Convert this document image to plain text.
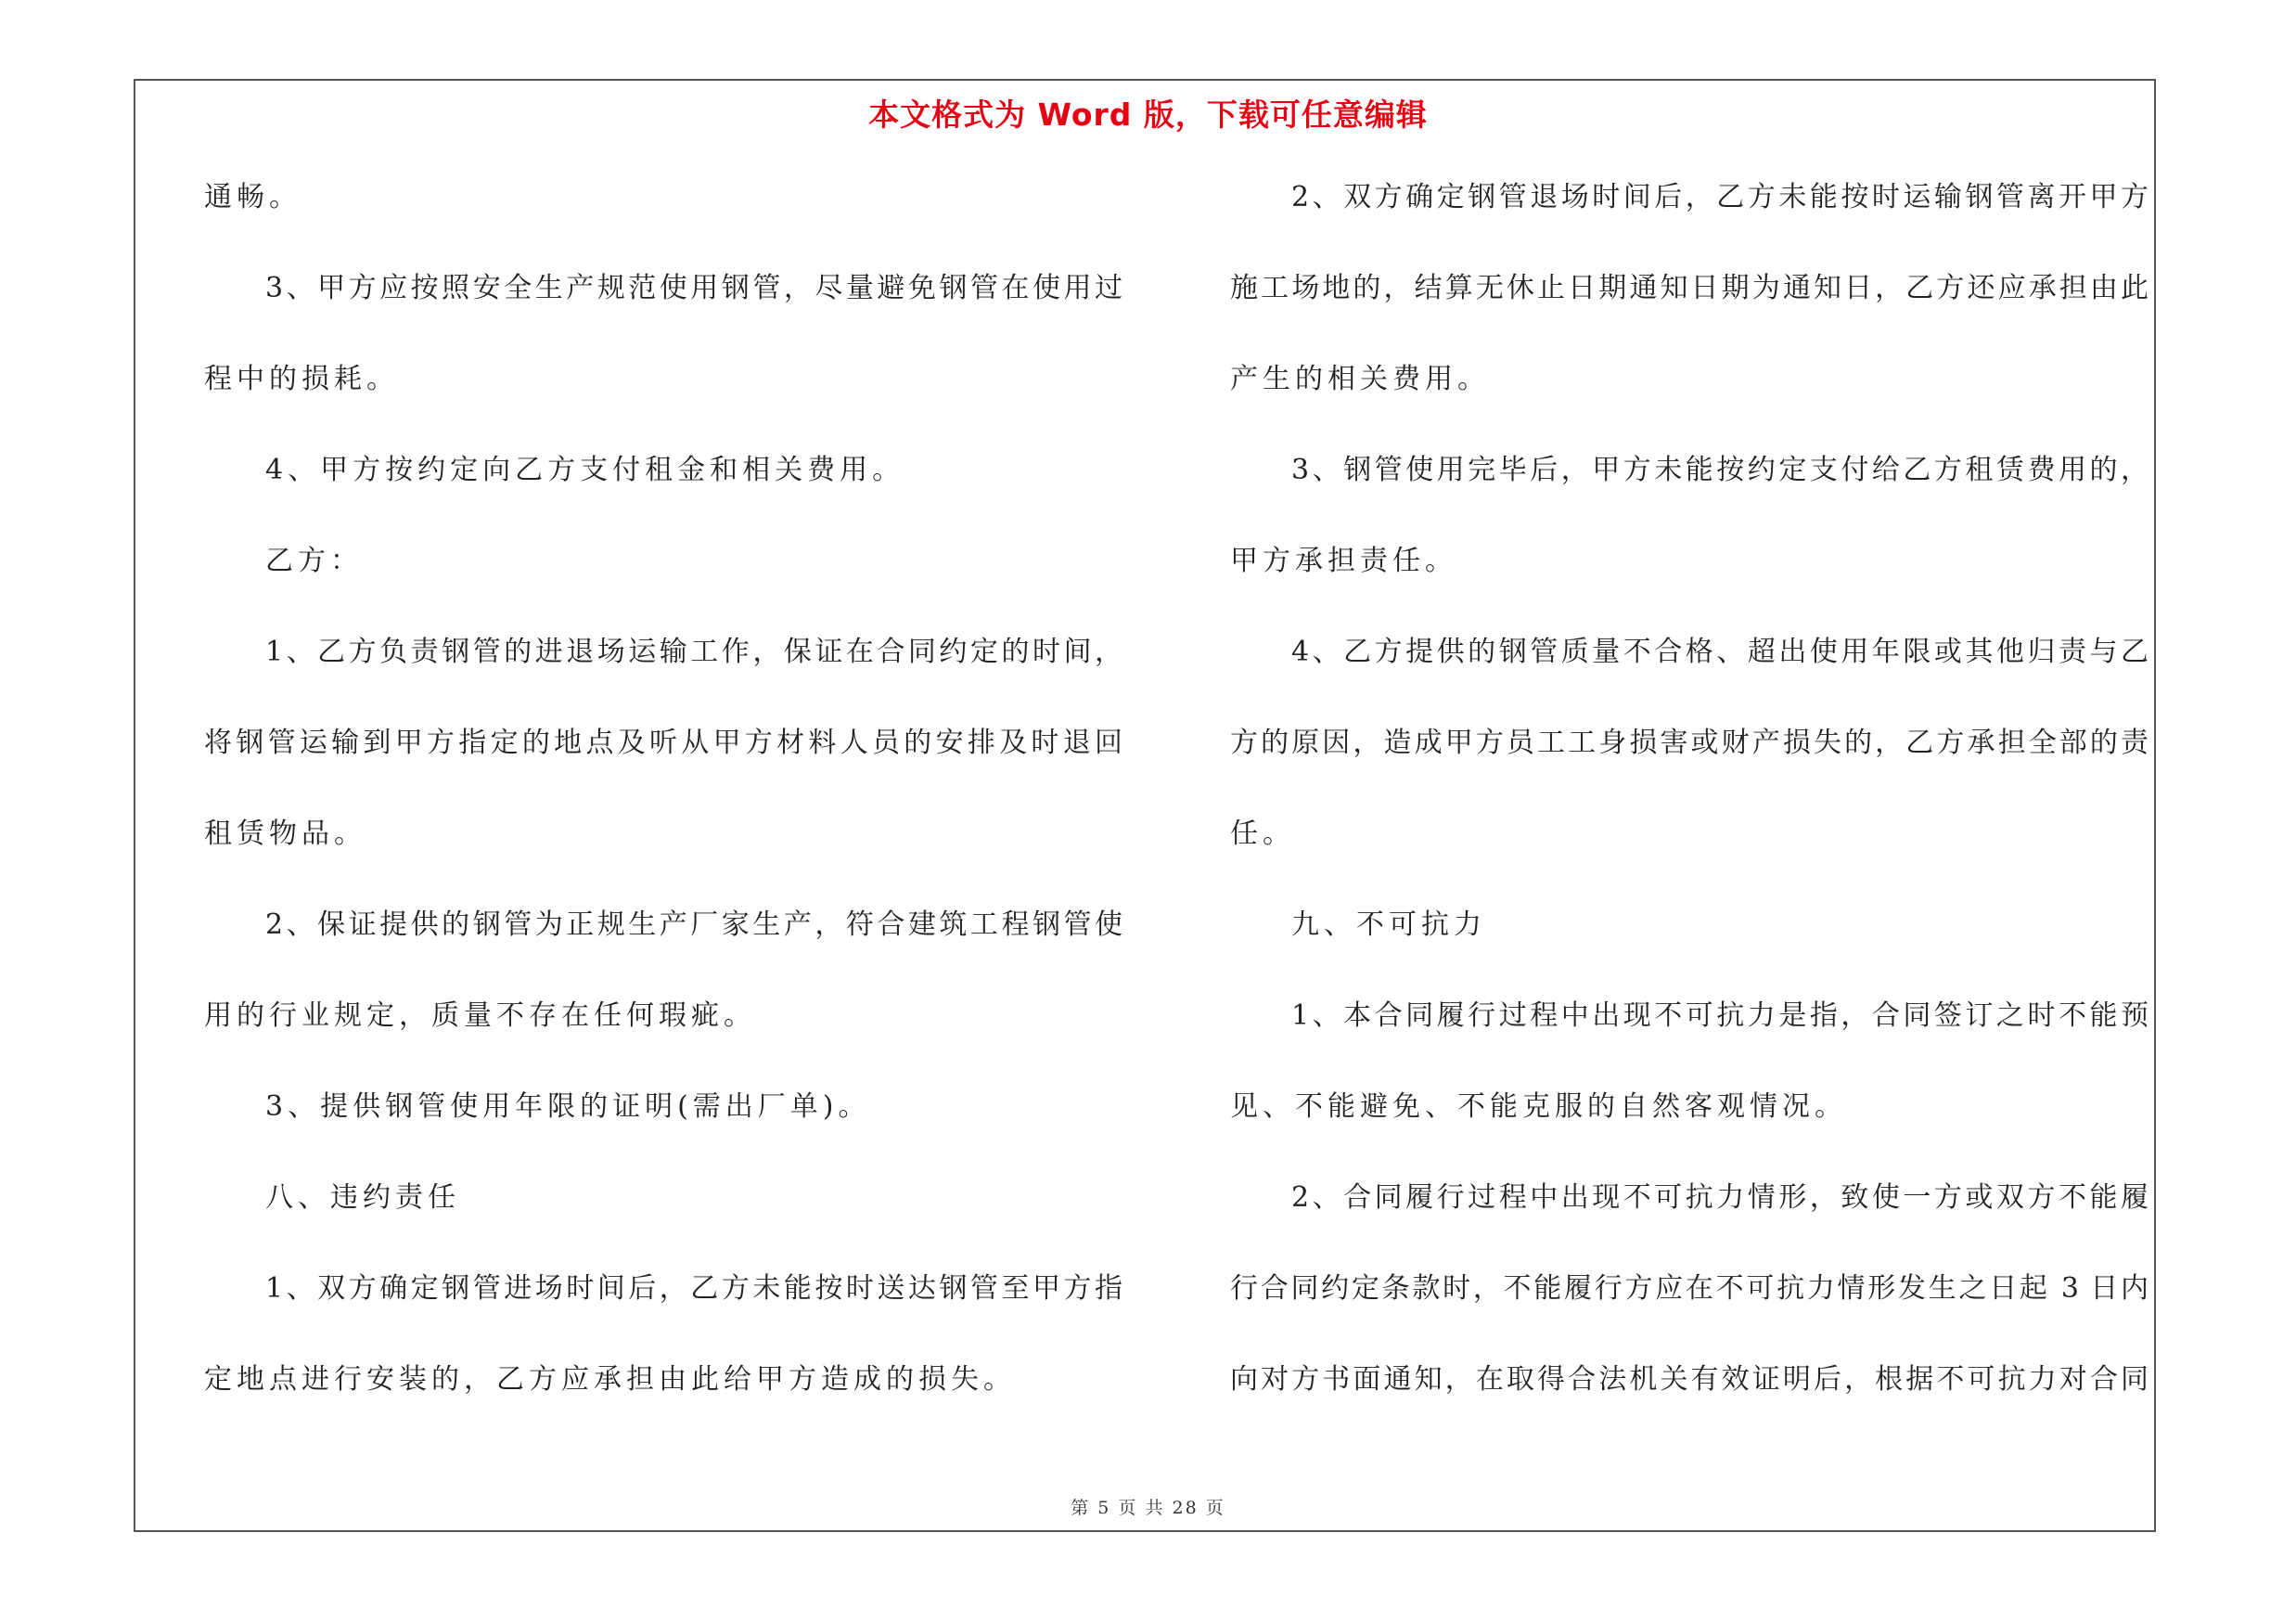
本文格式为 Word 版，下载可任意编辑
通畅。
3、甲方应按照安全生产规范使用钢管，尽量避免钢管在使用过
程中的损耗。
4、甲方按约定向乙方支付租金和相关费用。
乙方：
1、乙方负责钢管的进退场运输工作，保证在合同约定的时间，
将钢管运输到甲方指定的地点及听从甲方材料人员的安排及时退回
租赁物品。
2、保证提供的钢管为正规生产厂家生产，符合建筑工程钢管使
用的行业规定，质量不存在任何瑕疵。
3、提供钢管使用年限的证明(需出厂单)。
八、违约责任
1、双方确定钢管进场时间后，乙方未能按时送达钢管至甲方指
定地点进行安装的，乙方应承担由此给甲方造成的损失。
2、双方确定钢管退场时间后，乙方未能按时运输钢管离开甲方
施工场地的，结算无休止日期通知日期为通知日，乙方还应承担由此
产生的相关费用。
3、钢管使用完毕后，甲方未能按约定支付给乙方租赁费用的，
甲方承担责任。
4、乙方提供的钢管质量不合格、超出使用年限或其他归责与乙
方的原因，造成甲方员工工身损害或财产损失的，乙方承担全部的责
任。
九、不可抗力
1、本合同履行过程中出现不可抗力是指，合同签订之时不能预
见、不能避免、不能克服的自然客观情况。
2、合同履行过程中出现不可抗力情形，致使一方或双方不能履
行合同约定条款时，不能履行方应在不可抗力情形发生之日起 3 日内
向对方书面通知，在取得合法机关有效证明后，根据不可抗力对合同
第 5 页 共 28 页
